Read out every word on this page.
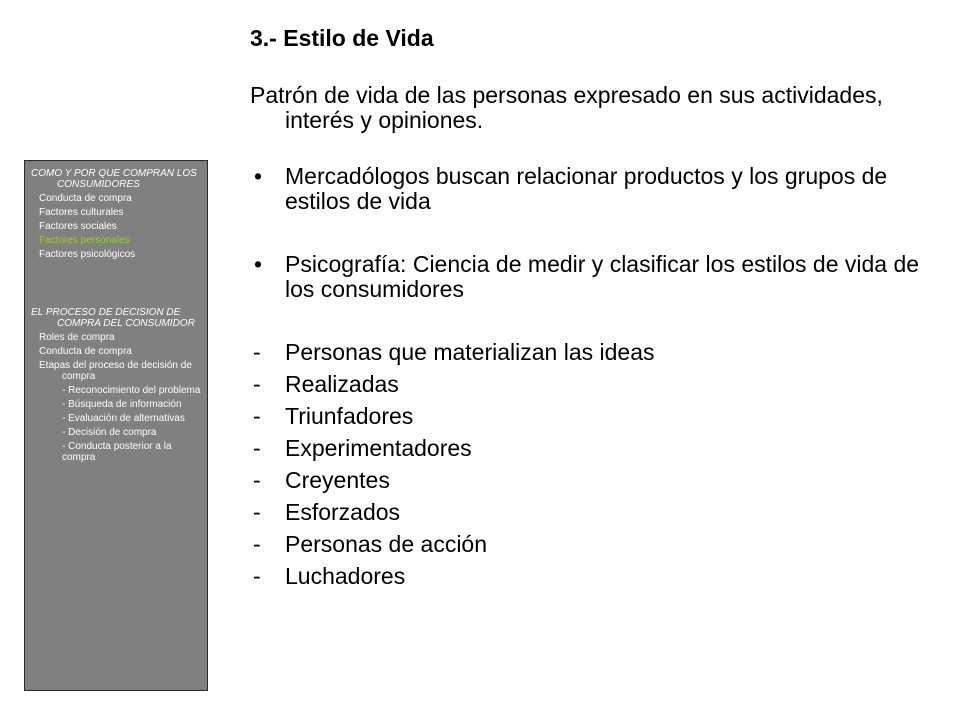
COMO Y POR QUE COMPRAN LOS CONSUMIDORES
Conducta de compra
Factores culturales
Factores sociales
Factores personales
Factores psicológicos
EL PROCESO DE DECISION DE COMPRA DEL CONSUMIDOR
Roles de compra
Conducta de compra
Etapas del proceso de decisión de compra
- Reconocimiento del problema
- Búsqueda de información
- Evaluación de alternativas
- Decisión de compra
- Conducta posterior a la compra
3.- Estilo de Vida
Patrón de vida de las personas expresado en sus actividades, interés y opiniones.
• Mercadólogos buscan relacionar productos y los grupos de estilos de vida
• Psicografía: Ciencia de medir y clasificar los estilos de vida de los consumidores
- Personas que materializan las ideas
- Realizadas
- Triunfadores
- Experimentadores
- Creyentes
- Esforzados
- Personas de acción
- Luchadores
